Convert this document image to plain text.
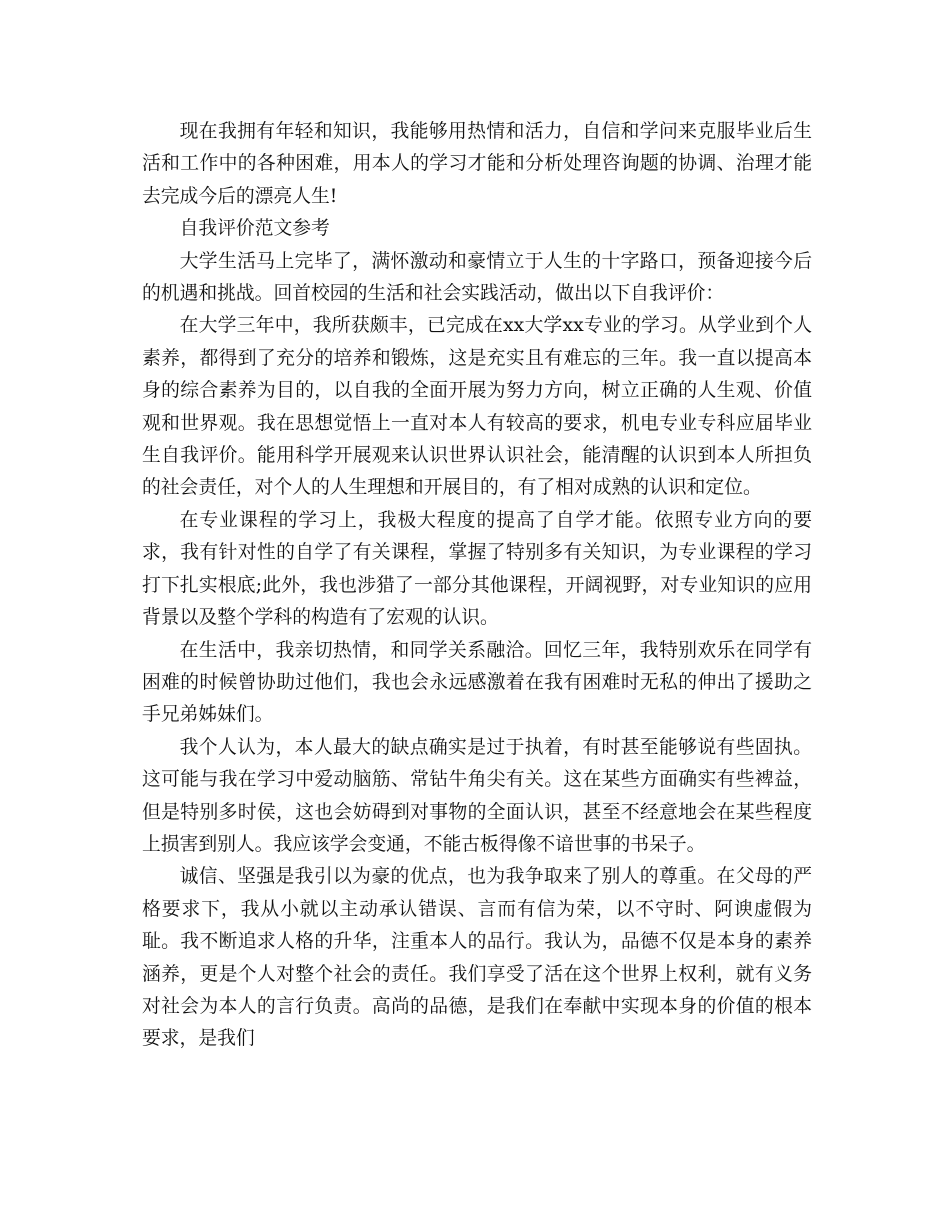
现在我拥有年轻和知识，我能够用热情和活力，自信和学问来克服毕业后生活和工作中的各种困难，用本人的学习才能和分析处理咨询题的协调、治理才能去完成今后的漂亮人生!

自我评价范文参考

大学生活马上完毕了，满怀激动和豪情立于人生的十字路口，预备迎接今后的机遇和挑战。回首校园的生活和社会实践活动，做出以下自我评价：

在大学三年中，我所获颇丰，已完成在xx大学xx专业的学习。从学业到个人素养，都得到了充分的培养和锻炼，这是充实且有难忘的三年。我一直以提高本身的综合素养为目的，以自我的全面开展为努力方向，树立正确的人生观、价值观和世界观。我在思想觉悟上一直对本人有较高的要求，机电专业专科应届毕业生自我评价。能用科学开展观来认识世界认识社会，能清醒的认识到本人所担负的社会责任，对个人的人生理想和开展目的，有了相对成熟的认识和定位。

在专业课程的学习上，我极大程度的提高了自学才能。依照专业方向的要求，我有针对性的自学了有关课程，掌握了特别多有关知识，为专业课程的学习打下扎实根底;此外，我也涉猎了一部分其他课程，开阔视野，对专业知识的应用背景以及整个学科的构造有了宏观的认识。

在生活中，我亲切热情，和同学关系融洽。回忆三年，我特别欢乐在同学有困难的时候曾协助过他们，我也会永远感激着在我有困难时无私的伸出了援助之手兄弟姊妹们。

我个人认为，本人最大的缺点确实是过于执着，有时甚至能够说有些固执。这可能与我在学习中爱动脑筋、常钻牛角尖有关。这在某些方面确实有些裨益，但是特别多时侯，这也会妨碍到对事物的全面认识，甚至不经意地会在某些程度上损害到别人。我应该学会变通，不能古板得像不谙世事的书呆子。

诚信、坚强是我引以为豪的优点，也为我争取来了别人的尊重。在父母的严格要求下，我从小就以主动承认错误、言而有信为荣，以不守时、阿谀虚假为耻。我不断追求人格的升华，注重本人的品行。我认为，品德不仅是本身的素养涵养，更是个人对整个社会的责任。我们享受了活在这个世界上权利，就有义务对社会为本人的言行负责。高尚的品德，是我们在奉献中实现本身的价值的根本要求，是我们
